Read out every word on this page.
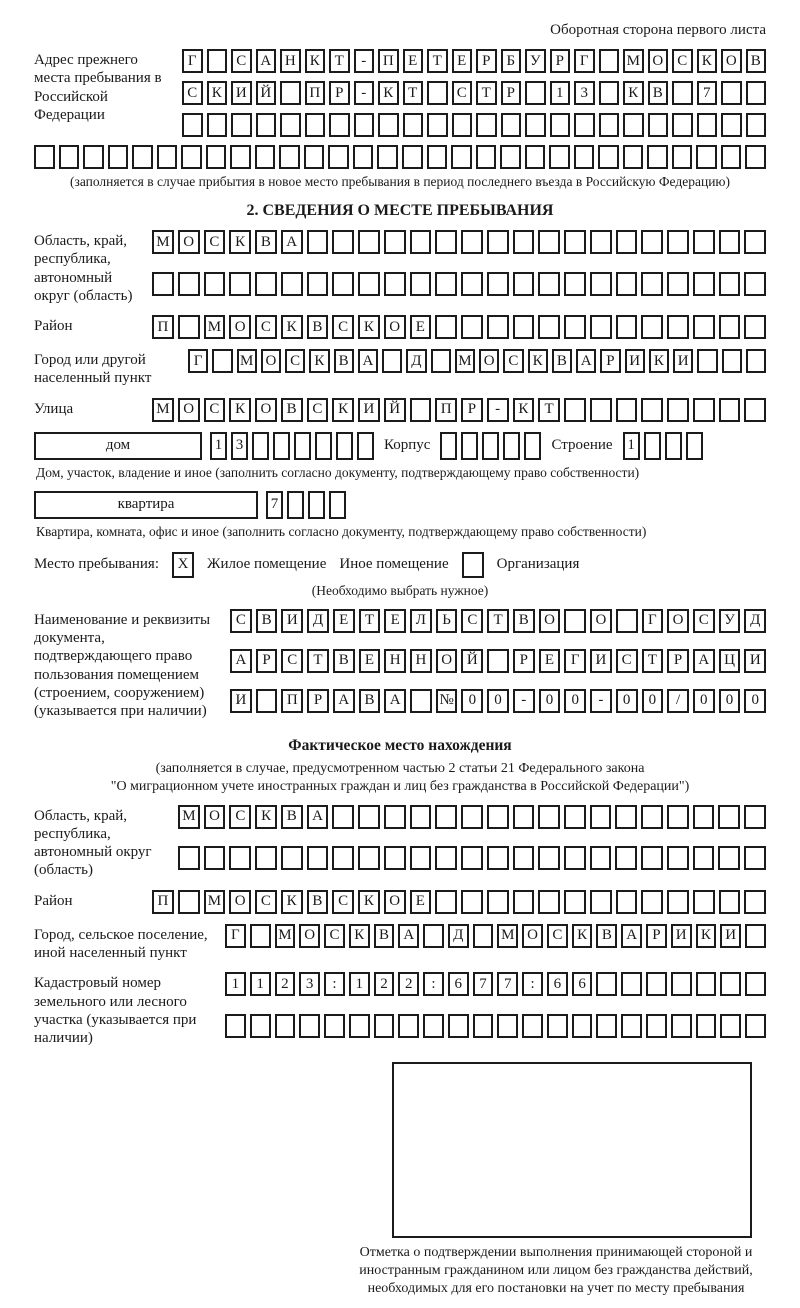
Оборотная сторона первого листа
Адрес прежнего места пребывания в Российской Федерации
Г	С А Н К Т	-	П Е	Т	Е	Р	Б У	Р	Г	М О С К О В
С К И Й	П Р	-	К Т	С Т	Р	1	3	К В	7
(заполняется в случае прибытия в новое место пребывания в период последнего въезда в Российскую Федерацию)
2. СВЕДЕНИЯ О МЕСТЕ ПРЕБЫВАНИЯ
Область, край, республика, автономный округ (область)
М О	С	К	В	А
Район	П	М О	С	К	В	С	К	О	Е
Город или другой населенный пункт
Г	М О С К В А	Д	М О С К В А Р И К И
Улица	М О	С	К	О	В	С	К	И Й	П	Р	-	К	Т
дом	1 3	Корпус	Строение 1
Дом, участок, владение и иное (заполнить согласно документу, подтверждающему право собственности)
квартира	7
Квартира, комната, офис и иное (заполнить согласно документу, подтверждающему право собственности)
Место пребывания:	Жилое помещение
X	Иное помещение	Организация
(Необходимо выбрать нужное)
Наименование и реквизиты документа, подтверждающего право пользования помещением (строением, сооружением) (указывается при наличии)
С	В	И	Д	Е	Т	Е	Л	Ь	С	Т	В	О	О	Г	О	С	У	Д
А	Р	С	Т	В	Е	Н Н О Й	Р	Е	Г	И	С	Т	Р	А Ц И
И	П	Р	А	В	А	№ 0	0	-	0	0	-	0	0	/	0	0	0
Фактическое место нахождения
(заполняется в случае, предусмотренном частью 2 статьи 21 Федерального закона
"О миграционном учете иностранных граждан и лиц без гражданства в Российской Федерации")
Область, край, республика, автономный округ (область)
М О	С	К	В	А
Район	П	М О	С	К	В	С	К	О	Е
Город, сельское поселение, иной населенный пункт
Г	М О С К В А	Д	М О С К В А	Р	И К И
Кадастровый номер земельного или лесного участка (указывается при наличии)
1	1	2	3	:	1	2	2	:	6	7	7	:	6	6
Отметка о подтверждении выполнения принимающей стороной и иностранным гражданином или лицом без гражданства действий, необходимых для его постановки на учет по месту пребывания
